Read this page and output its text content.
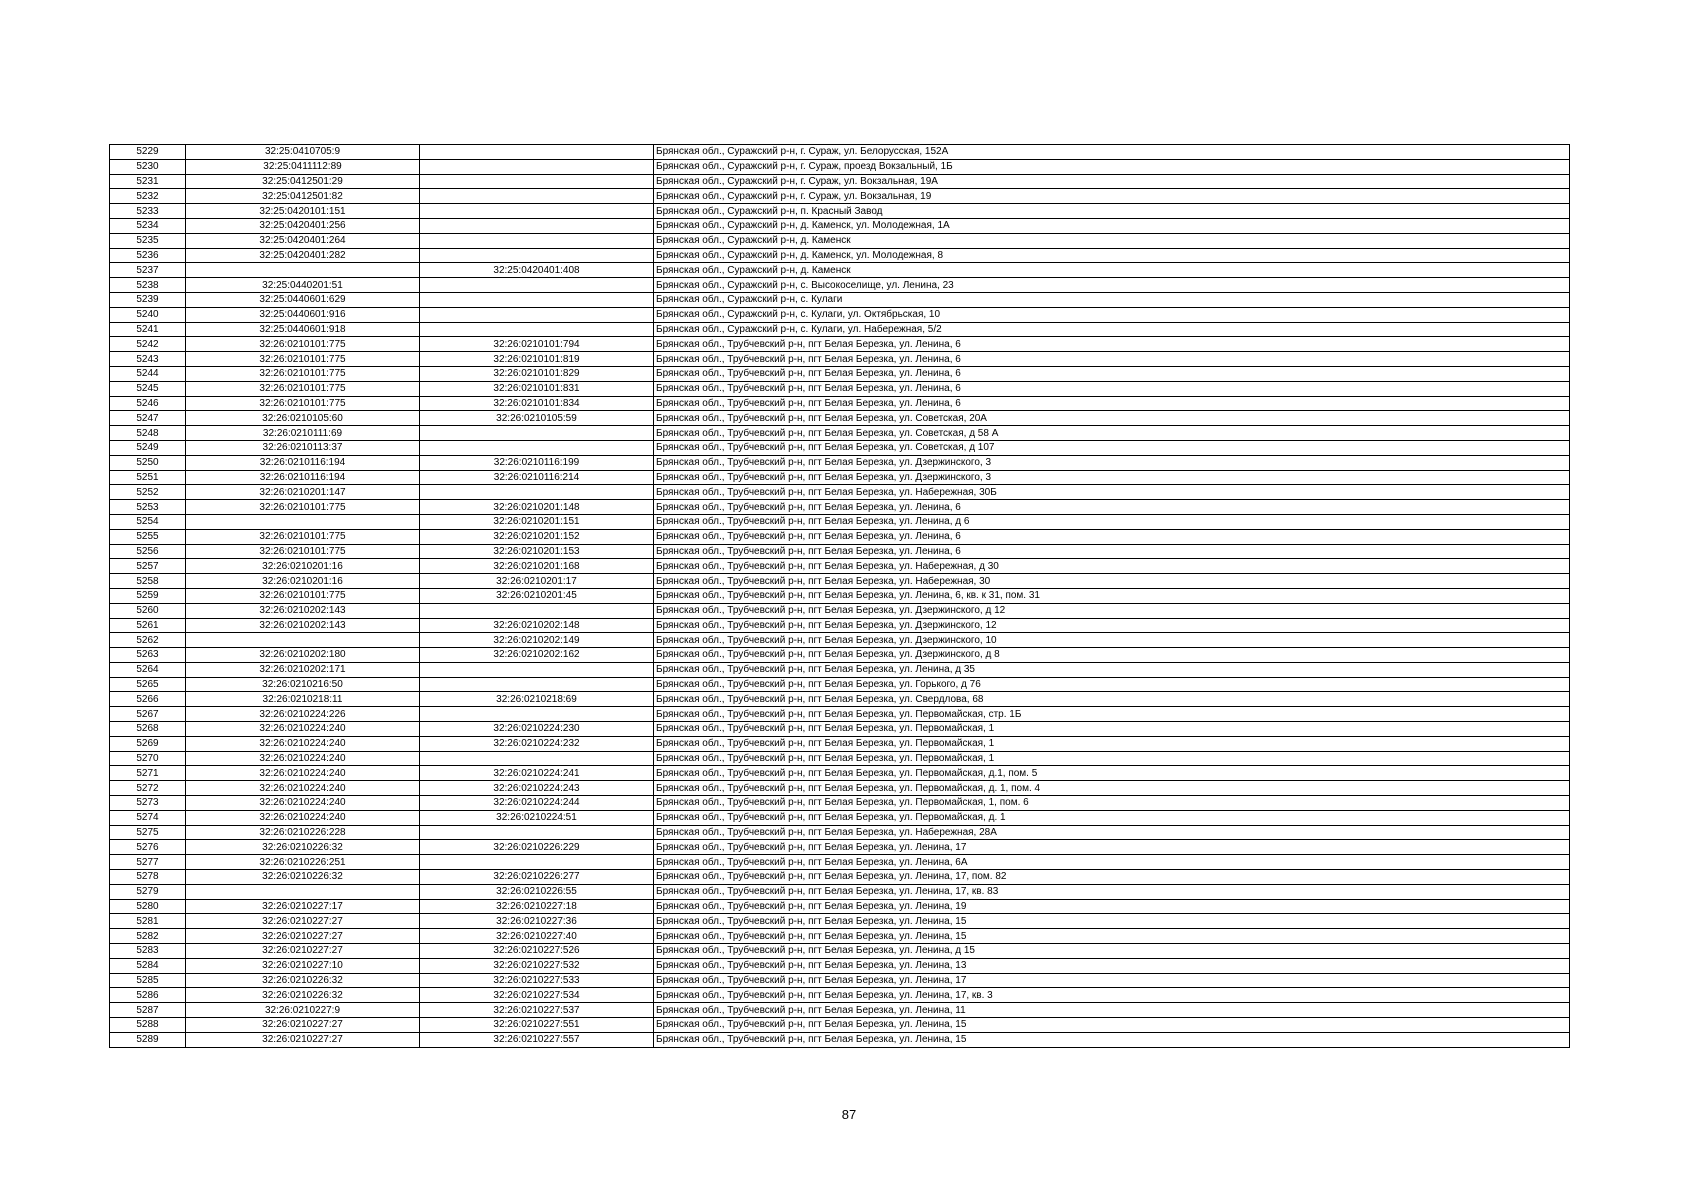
5229	32:25:0410705:9		Брянская обл., Суражский р-н, г. Сураж, ул. Белорусская, 152А
5230	32:25:0411112:89		Брянская обл., Суражский р-н, г. Сураж, проезд Вокзальный, 1Б
5231	32:25:0412501:29		Брянская обл., Суражский р-н, г. Сураж, ул. Вокзальная, 19А
5232	32:25:0412501:82		Брянская обл., Суражский р-н, г. Сураж, ул. Вокзальная, 19
5233	32:25:0420101:151		Брянская обл., Суражский р-н, п. Красный Завод
5234	32:25:0420401:256		Брянская обл., Суражский р-н, д. Каменск, ул. Молодежная, 1А
5235	32:25:0420401:264		Брянская обл., Суражский р-н, д. Каменск
5236	32:25:0420401:282		Брянская обл., Суражский р-н, д. Каменск, ул. Молодежная, 8
5237		32:25:0420401:408	Брянская обл., Суражский р-н, д. Каменск
5238	32:25:0440201:51		Брянская обл., Суражский р-н, с. Высокоселище, ул. Ленина, 23
5239	32:25:0440601:629		Брянская обл., Суражский р-н, с. Кулаги
5240	32:25:0440601:916		Брянская обл., Суражский р-н, с. Кулаги, ул. Октябрьская, 10
5241	32:25:0440601:918		Брянская обл., Суражский р-н, с. Кулаги, ул. Набережная, 5/2
5242	32:26:0210101:775	32:26:0210101:794	Брянская обл., Трубчевский р-н, пгт Белая Березка, ул. Ленина, 6
5243	32:26:0210101:775	32:26:0210101:819	Брянская обл., Трубчевский р-н, пгт Белая Березка, ул. Ленина, 6
5244	32:26:0210101:775	32:26:0210101:829	Брянская обл., Трубчевский р-н, пгт Белая Березка, ул. Ленина, 6
5245	32:26:0210101:775	32:26:0210101:831	Брянская обл., Трубчевский р-н, пгт Белая Березка, ул. Ленина, 6
5246	32:26:0210101:775	32:26:0210101:834	Брянская обл., Трубчевский р-н, пгт Белая Березка, ул. Ленина, 6
5247	32:26:0210105:60	32:26:0210105:59	Брянская обл., Трубчевский р-н, пгт Белая Березка, ул. Советская, 20А
5248	32:26:0210111:69		Брянская обл., Трубчевский р-н, пгт Белая Березка, ул. Советская, д 58 А
5249	32:26:0210113:37		Брянская обл., Трубчевский р-н, пгт Белая Березка, ул. Советская, д 107
5250	32:26:0210116:194	32:26:0210116:199	Брянская обл., Трубчевский р-н, пгт Белая Березка, ул. Дзержинского, 3
5251	32:26:0210116:194	32:26:0210116:214	Брянская обл., Трубчевский р-н, пгт Белая Березка, ул. Дзержинского, 3
5252	32:26:0210201:147		Брянская обл., Трубчевский р-н, пгт Белая Березка, ул. Набережная, 30Б
5253	32:26:0210101:775	32:26:0210201:148	Брянская обл., Трубчевский р-н, пгт Белая Березка, ул. Ленина, 6
5254		32:26:0210201:151	Брянская обл., Трубчевский р-н, пгт Белая Березка, ул. Ленина, д 6
5255	32:26:0210101:775	32:26:0210201:152	Брянская обл., Трубчевский р-н, пгт Белая Березка, ул. Ленина, 6
5256	32:26:0210101:775	32:26:0210201:153	Брянская обл., Трубчевский р-н, пгт Белая Березка, ул. Ленина, 6
5257	32:26:0210201:16	32:26:0210201:168	Брянская обл., Трубчевский р-н, пгт Белая Березка, ул. Набережная, д 30
5258	32:26:0210201:16	32:26:0210201:17	Брянская обл., Трубчевский р-н, пгт Белая Березка, ул. Набережная, 30
5259	32:26:0210101:775	32:26:0210201:45	Брянская обл., Трубчевский р-н, пгт Белая Березка, ул. Ленина, 6, кв. к 31, пом. 31
5260	32:26:0210202:143		Брянская обл., Трубчевский р-н, пгт Белая Березка, ул. Дзержинского, д 12
5261	32:26:0210202:143	32:26:0210202:148	Брянская обл., Трубчевский р-н, пгт Белая Березка, ул. Дзержинского, 12
5262		32:26:0210202:149	Брянская обл., Трубчевский р-н, пгт Белая Березка, ул. Дзержинского, 10
5263	32:26:0210202:180	32:26:0210202:162	Брянская обл., Трубчевский р-н, пгт Белая Березка, ул. Дзержинского, д 8
5264	32:26:0210202:171		Брянская обл., Трубчевский р-н, пгт Белая Березка, ул. Ленина, д 35
5265	32:26:0210216:50		Брянская обл., Трубчевский р-н, пгт Белая Березка, ул. Горького, д 76
5266	32:26:0210218:11	32:26:0210218:69	Брянская обл., Трубчевский р-н, пгт Белая Березка, ул. Свердлова, 68
5267	32:26:0210224:226		Брянская обл., Трубчевский р-н, пгт Белая Березка, ул. Первомайская, стр. 1Б
5268	32:26:0210224:240	32:26:0210224:230	Брянская обл., Трубчевский р-н, пгт Белая Березка, ул. Первомайская, 1
5269	32:26:0210224:240	32:26:0210224:232	Брянская обл., Трубчевский р-н, пгт Белая Березка, ул. Первомайская, 1
5270	32:26:0210224:240		Брянская обл., Трубчевский р-н, пгт Белая Березка, ул. Первомайская, 1
5271	32:26:0210224:240	32:26:0210224:241	Брянская обл., Трубчевский р-н, пгт Белая Березка, ул. Первомайская, д.1, пом. 5
5272	32:26:0210224:240	32:26:0210224:243	Брянская обл., Трубчевский р-н, пгт Белая Березка, ул. Первомайская, д. 1, пом. 4
5273	32:26:0210224:240	32:26:0210224:244	Брянская обл., Трубчевский р-н, пгт Белая Березка, ул. Первомайская, 1, пом. 6
5274	32:26:0210224:240	32:26:0210224:51	Брянская обл., Трубчевский р-н, пгт Белая Березка, ул. Первомайская, д. 1
5275	32:26:0210226:228		Брянская обл., Трубчевский р-н, пгт Белая Березка, ул. Набережная, 28А
5276	32:26:0210226:32	32:26:0210226:229	Брянская обл., Трубчевский р-н, пгт Белая Березка, ул. Ленина, 17
5277	32:26:0210226:251		Брянская обл., Трубчевский р-н, пгт Белая Березка, ул. Ленина, 6А
5278	32:26:0210226:32	32:26:0210226:277	Брянская обл., Трубчевский р-н, пгт Белая Березка, ул. Ленина, 17, пом. 82
5279		32:26:0210226:55	Брянская обл., Трубчевский р-н, пгт Белая Березка, ул. Ленина, 17, кв. 83
5280	32:26:0210227:17	32:26:0210227:18	Брянская обл., Трубчевский р-н, пгт Белая Березка, ул. Ленина, 19
5281	32:26:0210227:27	32:26:0210227:36	Брянская обл., Трубчевский р-н, пгт Белая Березка, ул. Ленина, 15
5282	32:26:0210227:27	32:26:0210227:40	Брянская обл., Трубчевский р-н, пгт Белая Березка, ул. Ленина, 15
5283	32:26:0210227:27	32:26:0210227:526	Брянская обл., Трубчевский р-н, пгт Белая Березка, ул. Ленина, д 15
5284	32:26:0210227:10	32:26:0210227:532	Брянская обл., Трубчевский р-н, пгт Белая Березка, ул. Ленина, 13
5285	32:26:0210226:32	32:26:0210227:533	Брянская обл., Трубчевский р-н, пгт Белая Березка, ул. Ленина, 17
5286	32:26:0210226:32	32:26:0210227:534	Брянская обл., Трубчевский р-н, пгт Белая Березка, ул. Ленина, 17, кв. 3
5287	32:26:0210227:9	32:26:0210227:537	Брянская обл., Трубчевский р-н, пгт Белая Березка, ул. Ленина, 11
5288	32:26:0210227:27	32:26:0210227:551	Брянская обл., Трубчевский р-н, пгт Белая Березка, ул. Ленина, 15
5289	32:26:0210227:27	32:26:0210227:557	Брянская обл., Трубчевский р-н, пгт Белая Березка, ул. Ленина, 15
87
